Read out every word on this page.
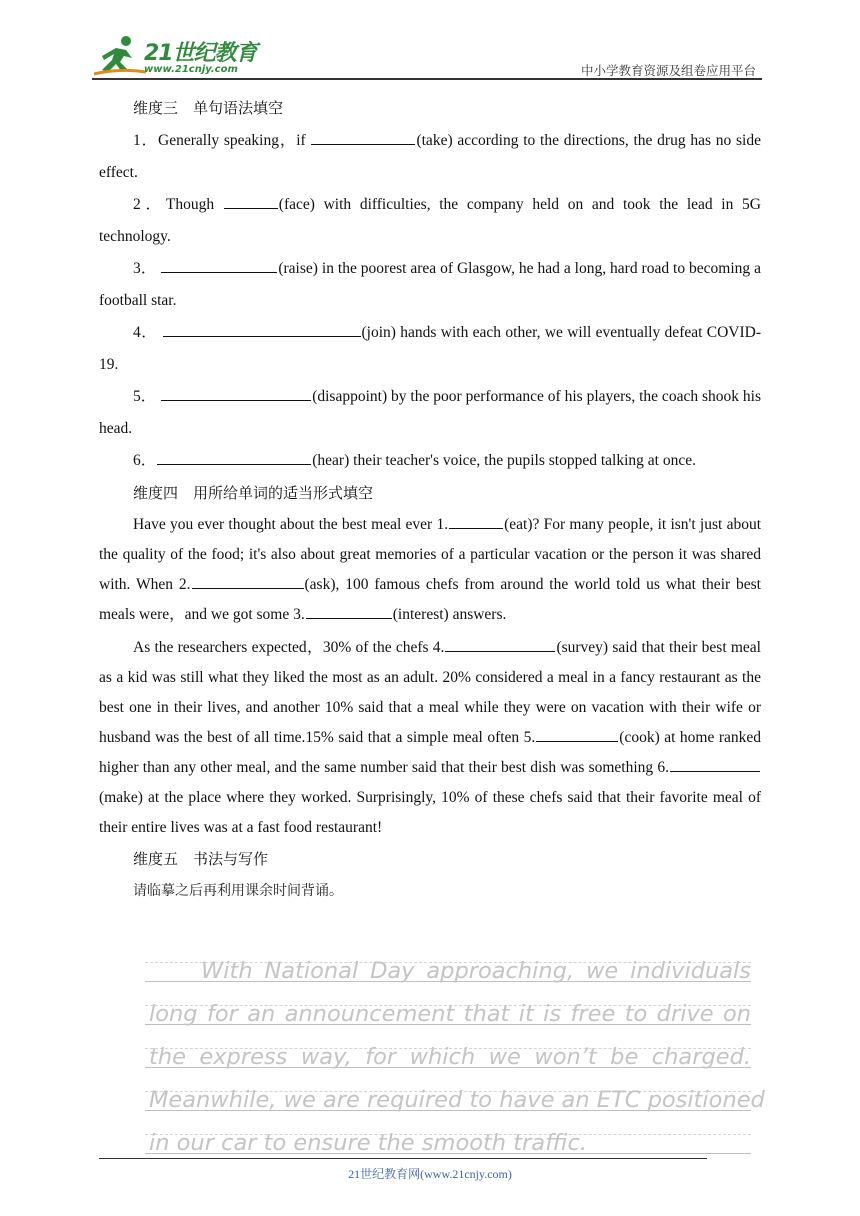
21世纪教育
www.21cnjy.com	中小学教育资源及组卷应用平台

维度三　单句语法填空

1．Generally speaking，if	(take) according to the directions, the drug has no side effect.

2．Though	(face) with difficulties, the company held on and took the lead in 5G technology.

3．	(raise) in the poorest area of Glasgow, he had a long, hard road to becoming a football star.

4．	(join) hands with each other, we will eventually defeat COVID-19.

5．	(disappoint) by the poor performance of his players, the coach shook his head.

6．	(hear) their teacher's voice, the pupils stopped talking at once.

维度四　用所给单词的适当形式填空

Have you ever thought about the best meal ever 1.	(eat)? For many people, it isn't just about the quality of the food; it's also about great memories of a particular vacation or the person it was shared with. When 2.	(ask), 100 famous chefs from around the world told us what their best meals were，and we got some 3.	(interest) answers.

As the researchers expected，30% of the chefs 4.	(survey) said that their best meal as a kid was still what they liked the most as an adult. 20% considered a meal in a fancy restaurant as the best one in their lives, and another 10% said that a meal while they were on vacation with their wife or husband was the best of all time.15% said that a simple meal often 5.	(cook) at home ranked higher than any other meal, and the same number said that their best dish was something 6.(make) at the place where they worked. Surprisingly, 10% of these chefs said that their favorite meal of their entire lives was at a fast food restaurant!

维度五　书法与写作

请临摹之后再利用课余时间背诵。

With National Day approaching, we individuals
long for an announcement that it is free to drive on
the express way, for which we won’t be charged.
Meanwhile, we are required to have an ETC positioned
in our car to ensure the smooth traffic.
21世纪教育网(www.21cnjy.com)
